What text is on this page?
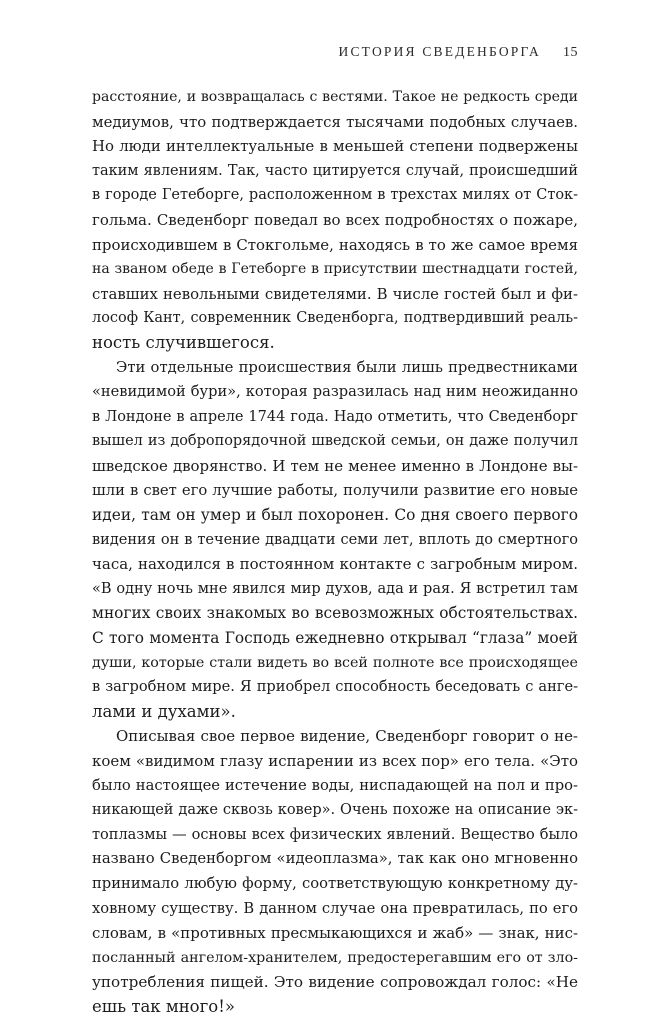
ИСТОРИЯ СВЕДЕНБОРГА 15
расстояние, и возвращалась с вестями. Такое не редкость среди
медиумов, что подтверждается тысячами подобных случаев.
Но люди интеллектуальные в меньшей степени подвержены
таким явлениям. Так, часто цитируется случай, происшедший
в городе Гетеборге, расположенном в трехстах милях от Сток-
гольма. Сведенборг поведал во всех подробностях о пожаре,
происходившем в Стокгольме, находясь в то же самое время
на званом обеде в Гетеборге в присутствии шестнадцати гостей,
ставших невольными свидетелями. В числе гостей был и фи-
лософ Кант, современник Сведенборга, подтвердивший реаль-
ность случившегося.
Эти отдельные происшествия были лишь предвестниками
«невидимой бури», которая разразилась над ним неожиданно
в Лондоне в апреле 1744 года. Надо отметить, что Сведенборг
вышел из добропорядочной шведской семьи, он даже получил
шведское дворянство. И тем не менее именно в Лондоне вы-
шли в свет его лучшие работы, получили развитие его новые
идеи, там он умер и был похоронен. Со дня своего первого
видения он в течение двадцати семи лет, вплоть до смертного
часа, находился в постоянном контакте с загробным миром.
«В одну ночь мне явился мир духов, ада и рая. Я встретил там
многих своих знакомых во всевозможных обстоятельствах.
С того момента Господь ежедневно открывал “глаза” моей
души, которые стали видеть во всей полноте все происходящее
в загробном мире. Я приобрел способность беседовать с анге-
лами и духами».
Описывая свое первое видение, Сведенборг говорит о не-
коем «видимом глазу испарении из всех пор» его тела. «Это
было настоящее истечение воды, ниспадающей на пол и про-
никающей даже сквозь ковер». Очень похоже на описание эк-
топлазмы — основы всех физических явлений. Вещество было
названо Сведенборгом «идеоплазма», так как оно мгновенно
принимало любую форму, соответствующую конкретному ду-
ховному существу. В данном случае она превратилась, по его
словам, в «противных пресмыкающихся и жаб» — знак, нис-
посланный ангелом-хранителем, предостерегавшим его от зло-
употребления пищей. Это видение сопровождал голос: «Не
ешь так много!»
